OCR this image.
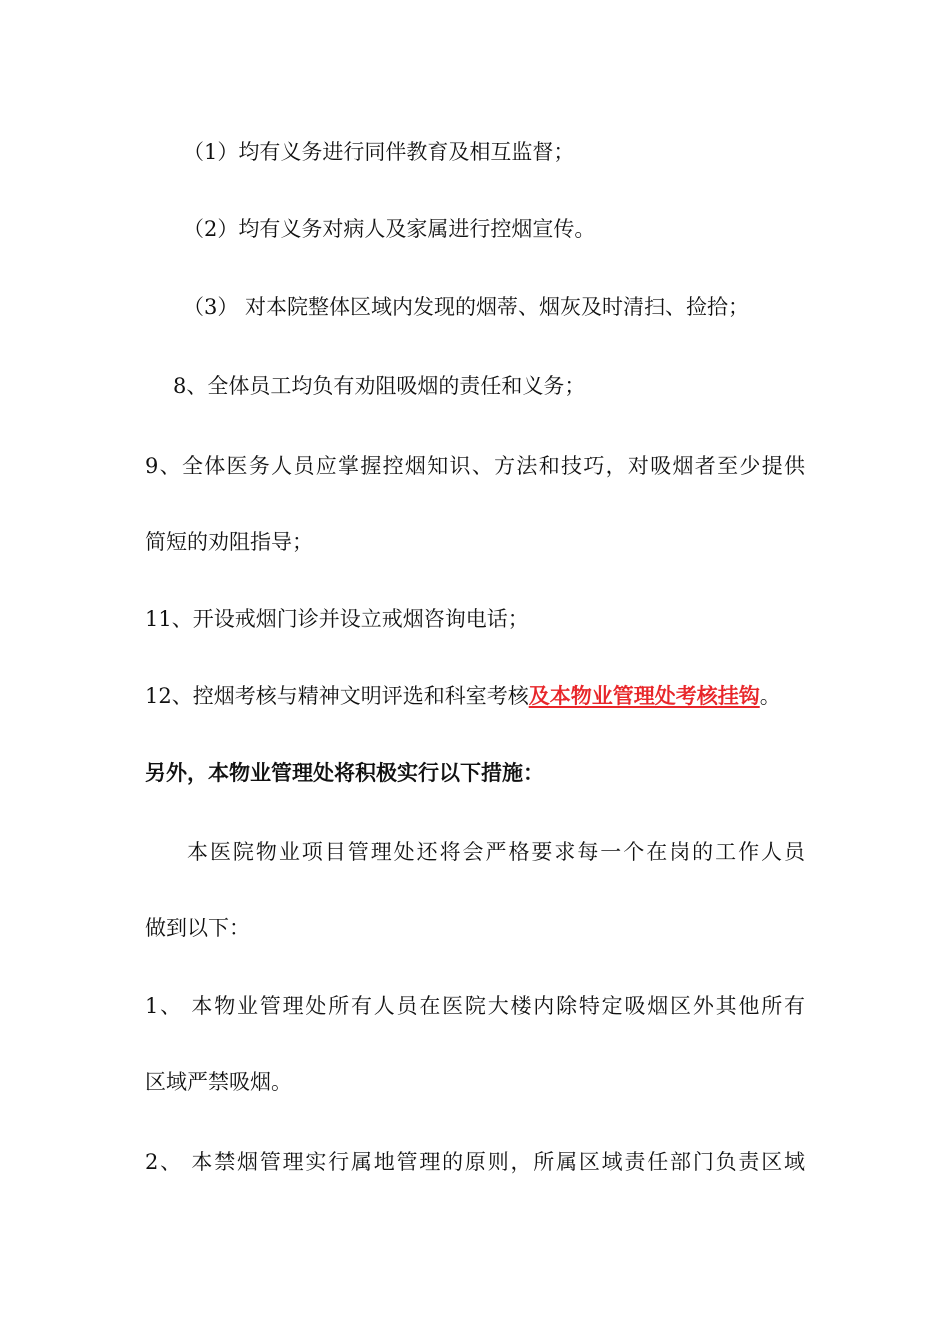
（1）均有义务进行同伴教育及相互监督；

（2）均有义务对病人及家属进行控烟宣传。

（3） 对本院整体区域内发现的烟蒂、烟灰及时清扫、捡拾；

8、全体员工均负有劝阻吸烟的责任和义务；

9、全体医务人员应掌握控烟知识、方法和技巧，对吸烟者至少提供

简短的劝阻指导；

11、开设戒烟门诊并设立戒烟咨询电话；

12、控烟考核与精神文明评选和科室考核及本物业管理处考核挂钩。

另外，本物业管理处将积极实行以下措施：

本医院物业项目管理处还将会严格要求每一个在岗的工作人员

做到以下：

1、 本物业管理处所有人员在医院大楼内除特定吸烟区外其他所有

区域严禁吸烟。

2、 本禁烟管理实行属地管理的原则，所属区域责任部门负责区域
